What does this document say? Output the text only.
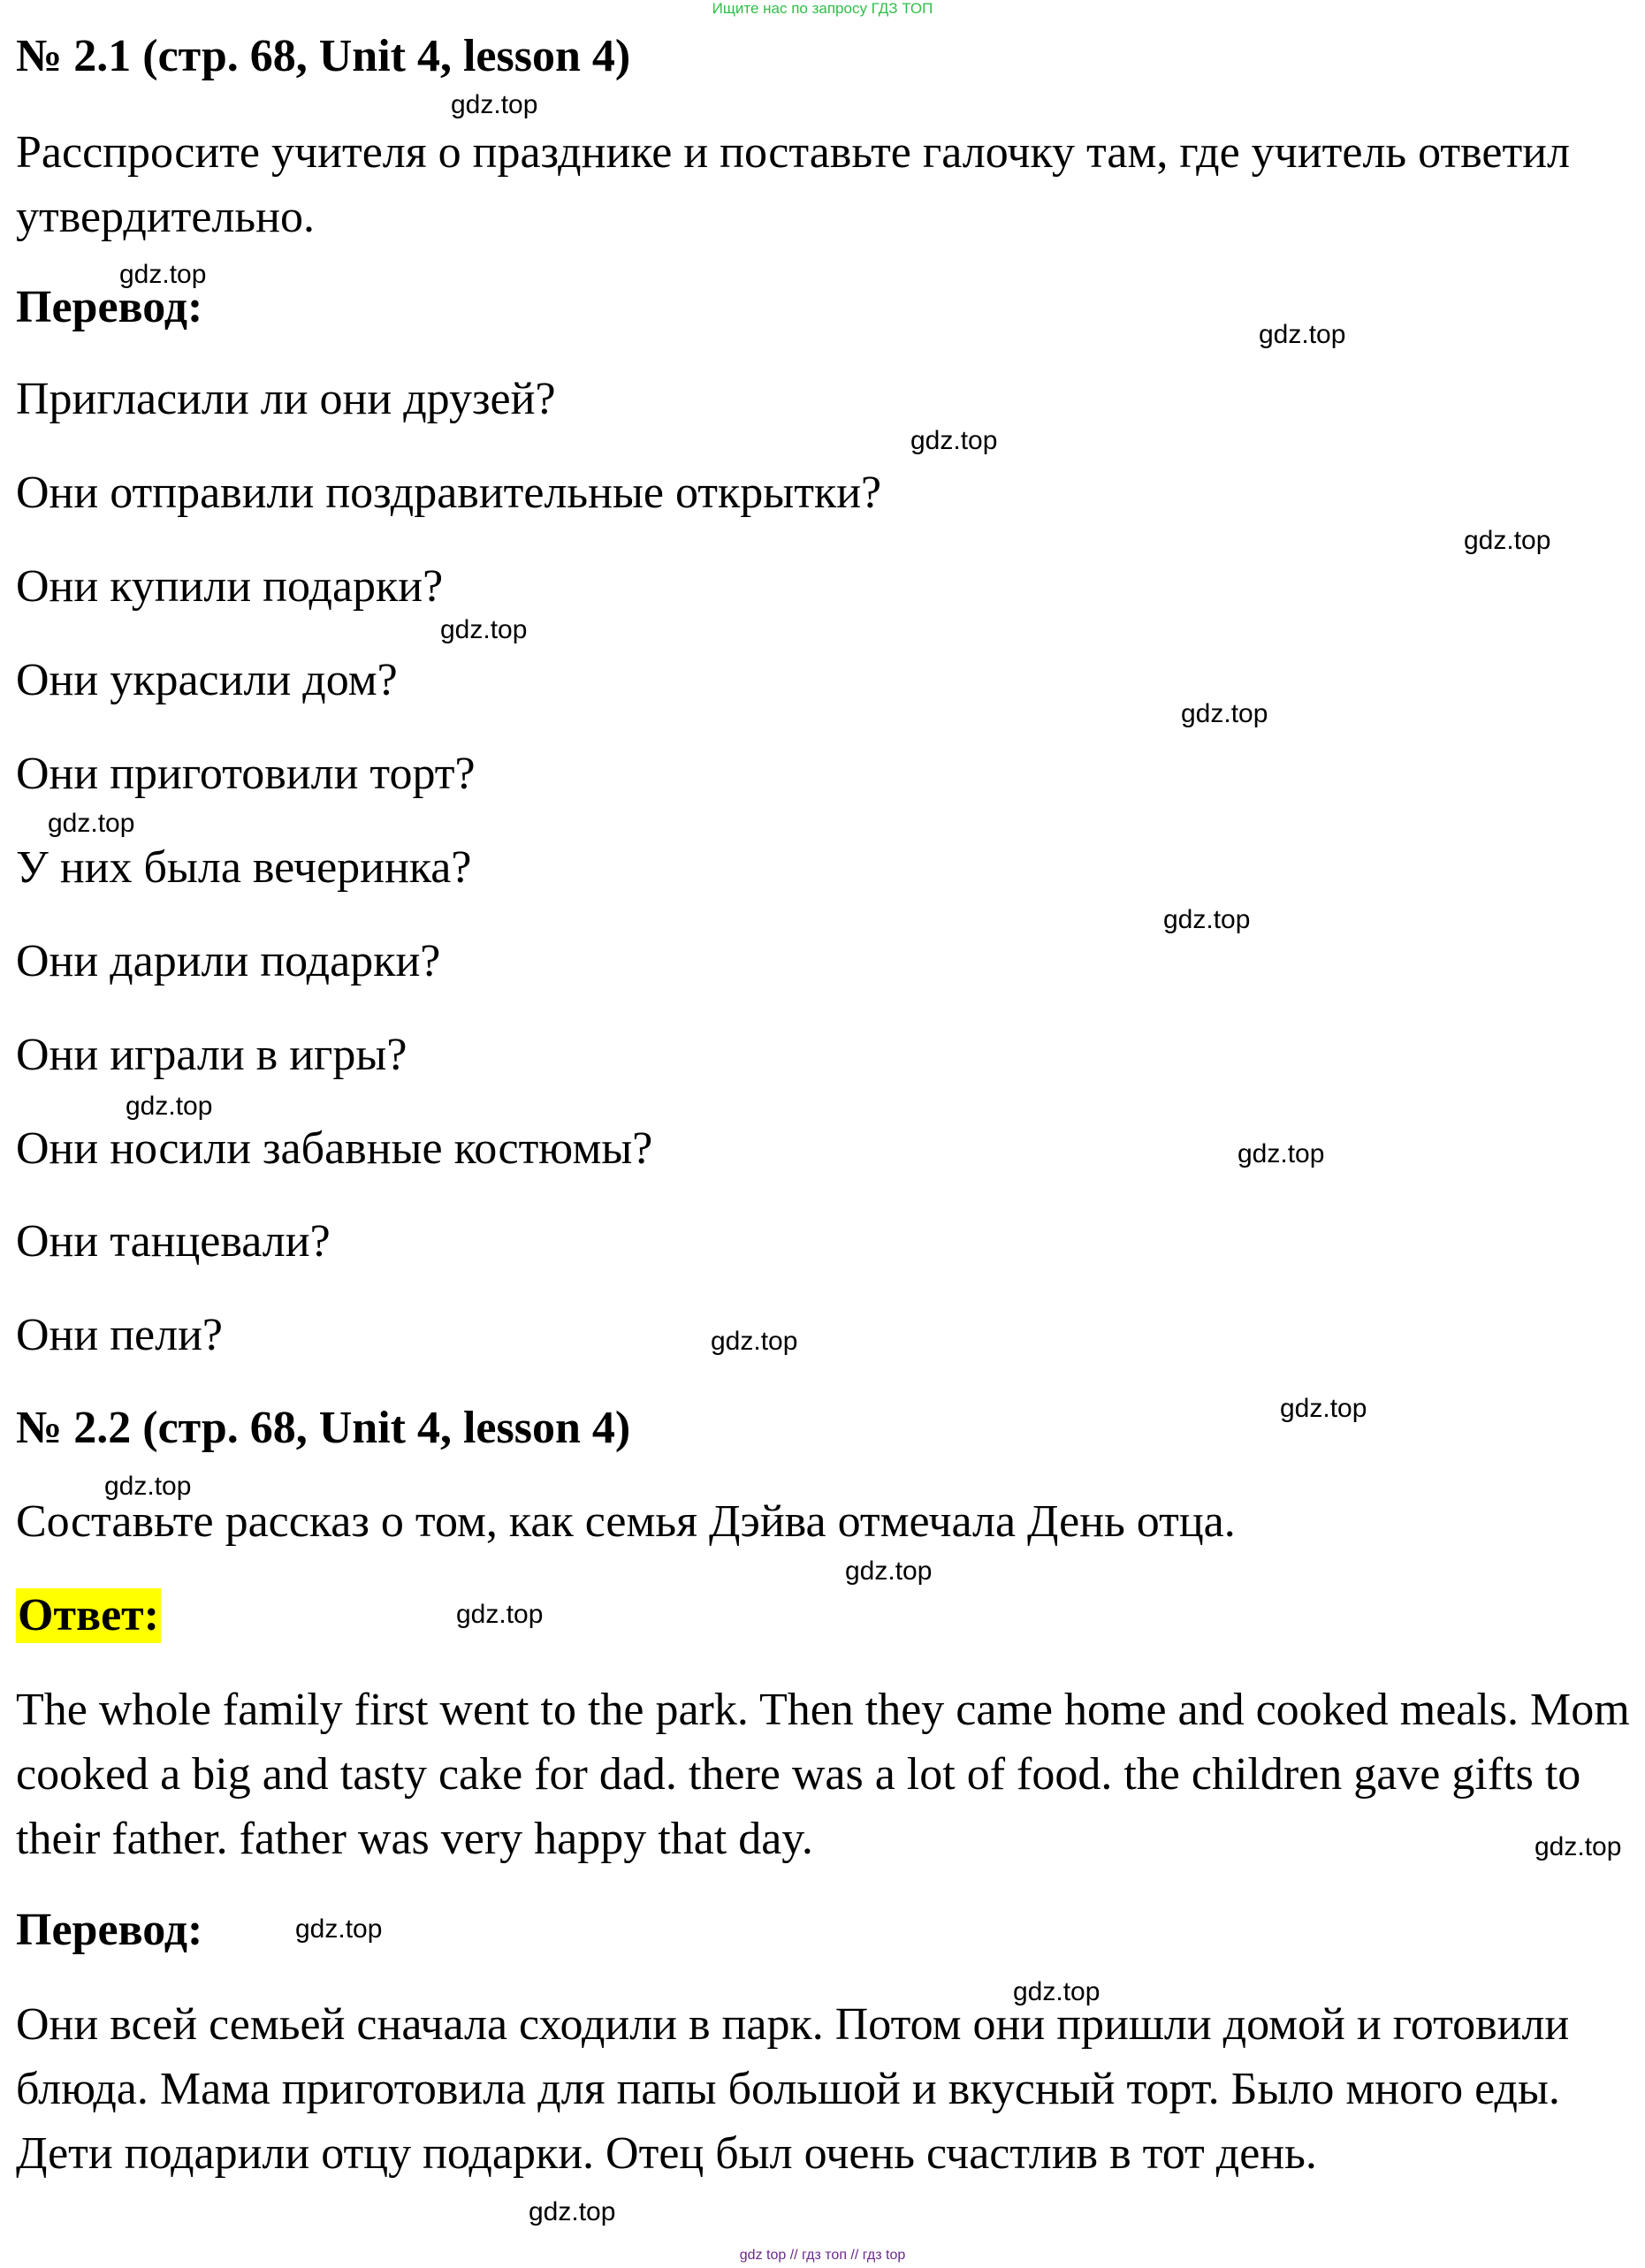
Ищите нас по запросу ГДЗ ТОП
№ 2.1 (стр. 68, Unit 4, lesson 4)
Расспросите учителя о празднике и поставьте галочку там, где учитель ответил утвердительно.
Перевод:
Пригласили ли они друзей?
Они отправили поздравительные открытки?
Они купили подарки?
Они украсили дом?
Они приготовили торт?
У них была вечеринка?
Они дарили подарки?
Они играли в игры?
Они носили забавные костюмы?
Они танцевали?
Они пели?
№ 2.2 (стр. 68, Unit 4, lesson 4)
Составьте рассказ о том, как семья Дэйва отмечала День отца.
Ответ:
The whole family first went to the park. Then they came home and cooked meals. Mom cooked a big and tasty cake for dad. there was a lot of food. the children gave gifts to their father. father was very happy that day.
Перевод:
Они всей семьей сначала сходили в парк. Потом они пришли домой и готовили блюда. Мама приготовила для папы большой и вкусный торт. Было много еды. Дети подарили отцу подарки. Отец был очень счастлив в тот день.
gdz.top
gdz.top
gdz.top
gdz.top
gdz.top
gdz.top
gdz.top
gdz.top
gdz.top
gdz.top
gdz.top
gdz.top
gdz.top
gdz.top
gdz.top
gdz.top
gdz.top
gdz.top
gdz.top
gdz.top
gdz top // гдз топ // гдз top
